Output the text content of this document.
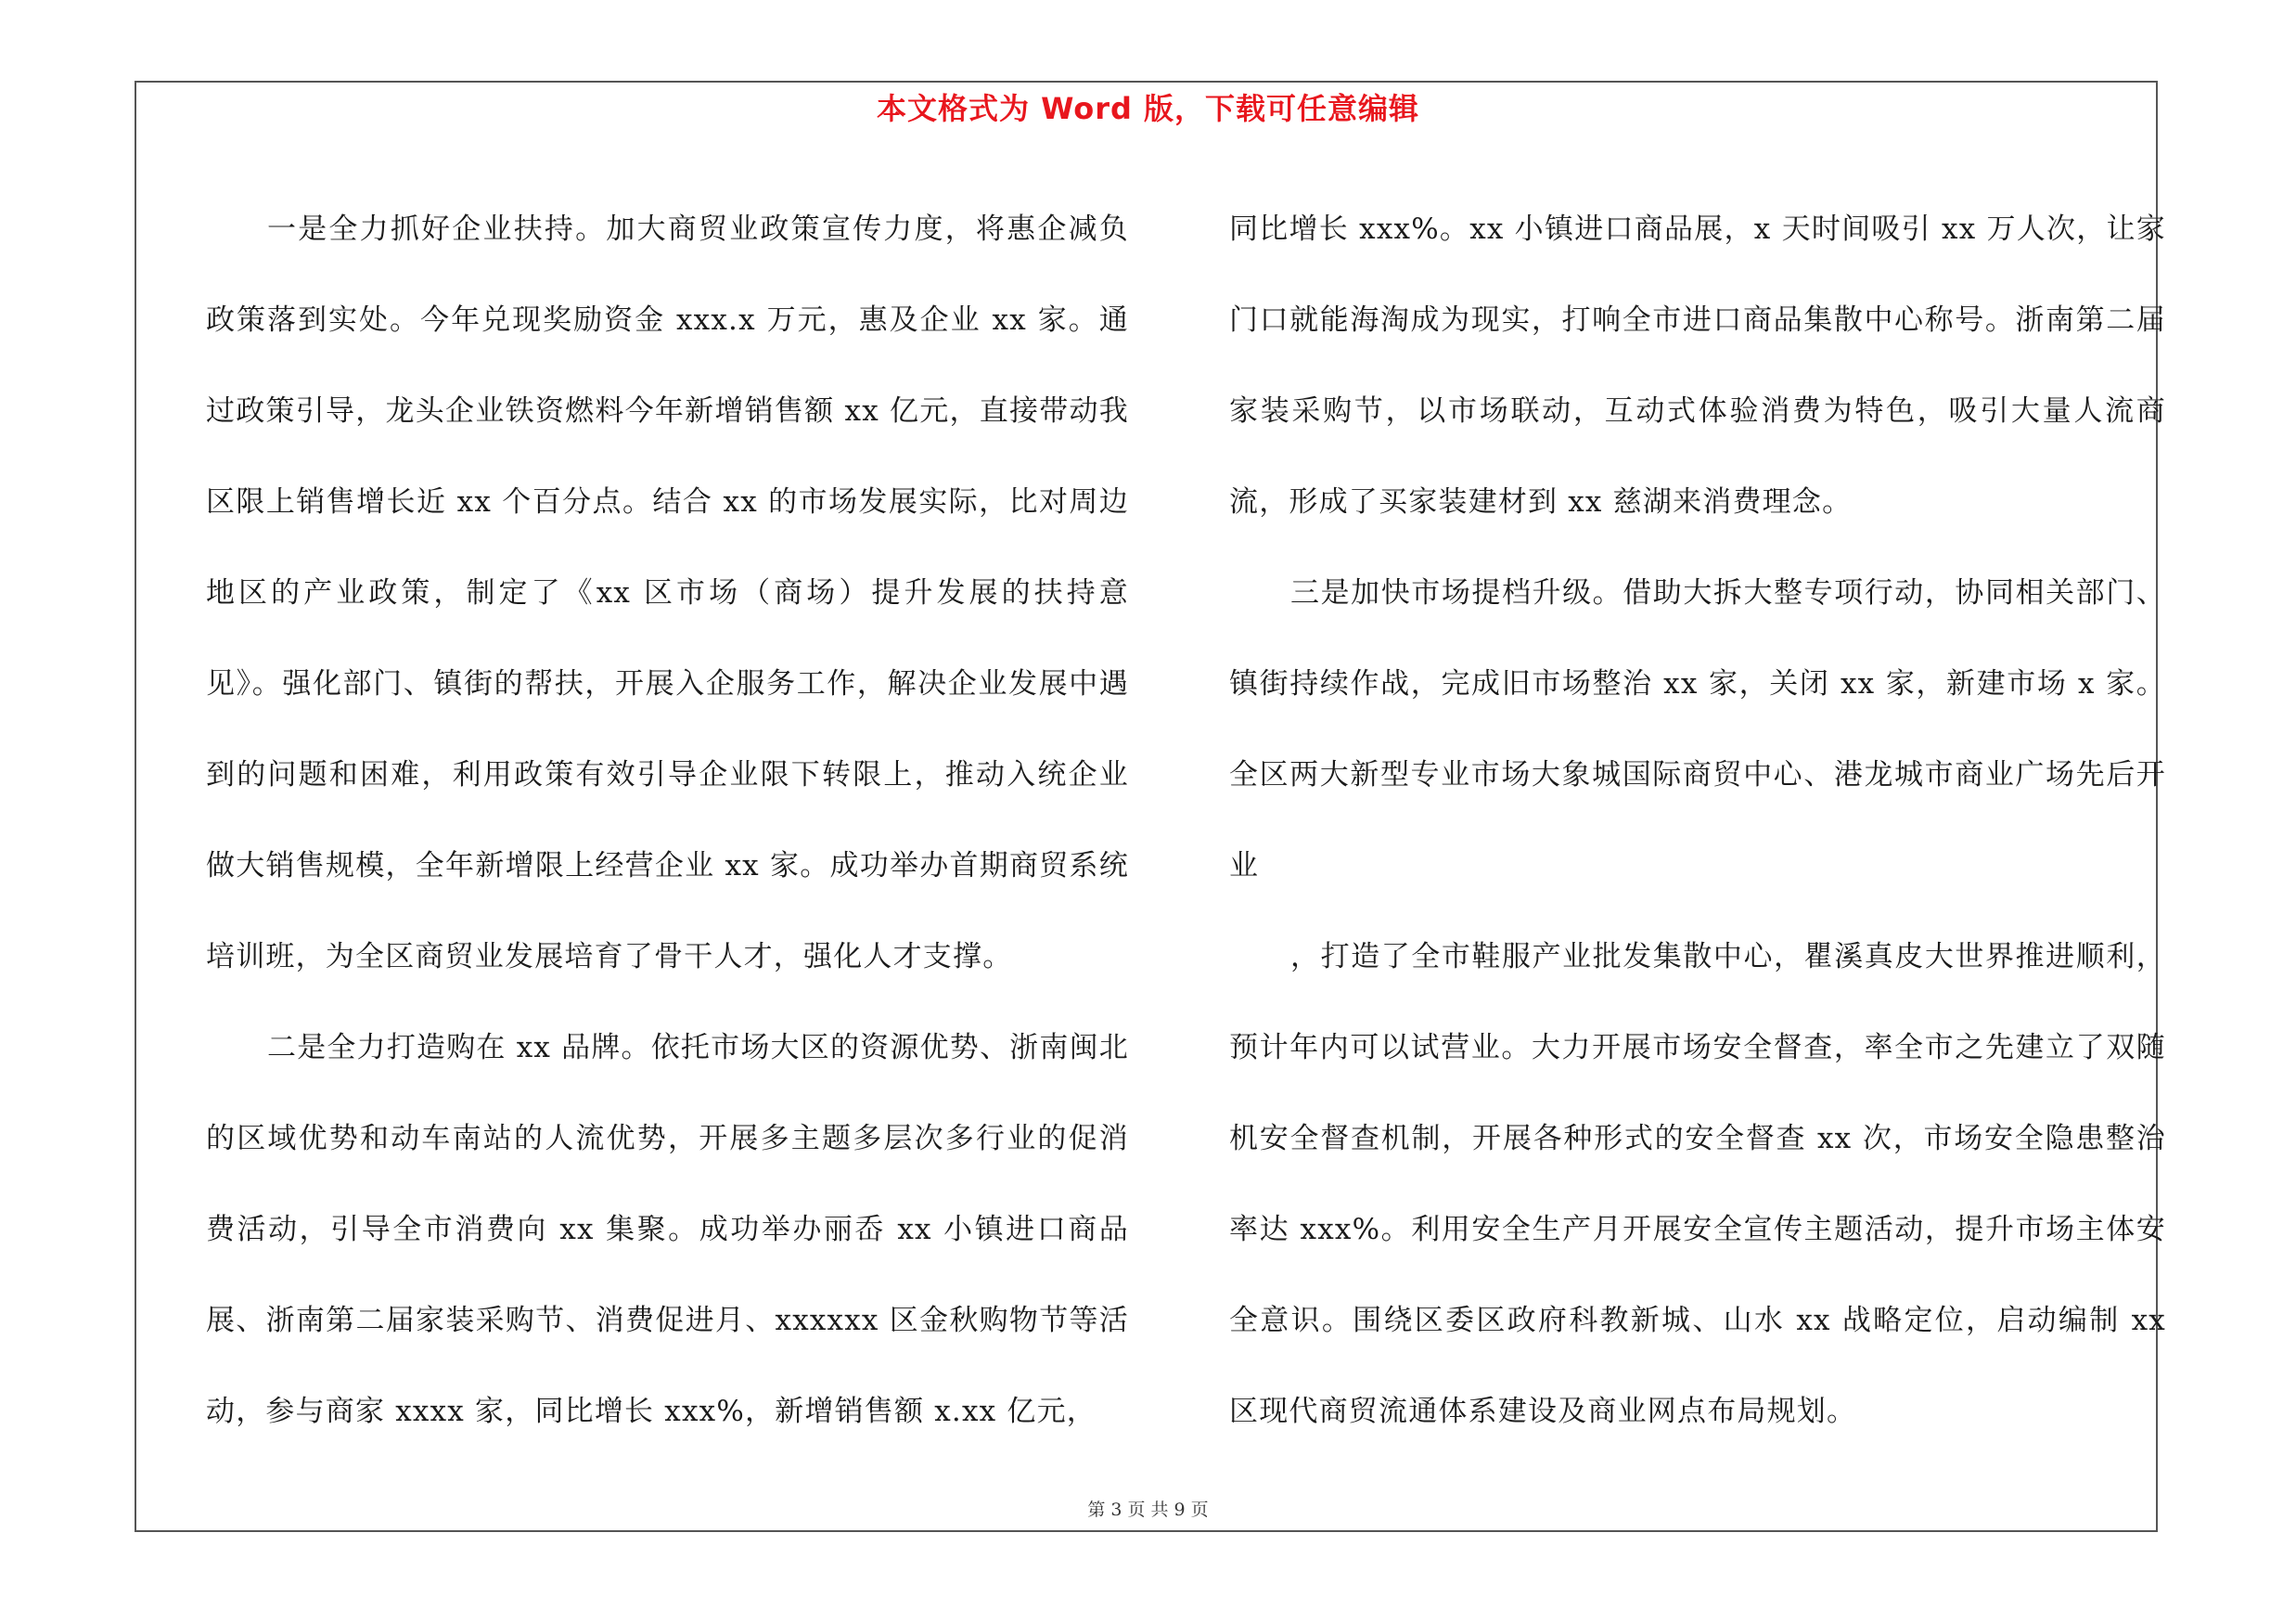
本文格式为 Word 版，下载可任意编辑

一是全力抓好企业扶持。加大商贸业政策宣传力度，将惠企减负政策落到实处。今年兑现奖励资金 xxx.x 万元，惠及企业 xx 家。通过政策引导，龙头企业铁资燃料今年新增销售额 xx 亿元，直接带动我区限上销售增长近 xx 个百分点。结合 xx 的市场发展实际，比对周边地区的产业政策，制定了《xx 区市场（商场）提升发展的扶持意见》。强化部门、镇街的帮扶，开展入企服务工作，解决企业发展中遇到的问题和困难，利用政策有效引导企业限下转限上，推动入统企业做大销售规模，全年新增限上经营企业 xx 家。成功举办首期商贸系统培训班，为全区商贸业发展培育了骨干人才，强化人才支撑。

二是全力打造购在 xx 品牌。依托市场大区的资源优势、浙南闽北的区域优势和动车南站的人流优势，开展多主题多层次多行业的促消费活动，引导全市消费向 xx 集聚。成功举办丽岙 xx 小镇进口商品展、浙南第二届家装采购节、消费促进月、xxxxxx 区金秋购物节等活动，参与商家 xxxx 家，同比增长 xxx%，新增销售额 x.xx 亿元，

同比增长 xxx%。xx 小镇进口商品展，x 天时间吸引 xx 万人次，让家门口就能海淘成为现实，打响全市进口商品集散中心称号。浙南第二届家装采购节，以市场联动，互动式体验消费为特色，吸引大量人流商流，形成了买家装建材到 xx 慈湖来消费理念。

三是加快市场提档升级。借助大拆大整专项行动，协同相关部门、镇街持续作战，完成旧市场整治 xx 家，关闭 xx 家，新建市场 x 家。全区两大新型专业市场大象城国际商贸中心、港龙城市商业广场先后开业

，打造了全市鞋服产业批发集散中心，瞿溪真皮大世界推进顺利，预计年内可以试营业。大力开展市场安全督查，率全市之先建立了双随机安全督查机制，开展各种形式的安全督查 xx 次，市场安全隐患整治率达 xxx%。利用安全生产月开展安全宣传主题活动，提升市场主体安全意识。围绕区委区政府科教新城、山水 xx 战略定位，启动编制 xx 区现代商贸流通体系建设及商业网点布局规划。

第 3 页 共 9 页
